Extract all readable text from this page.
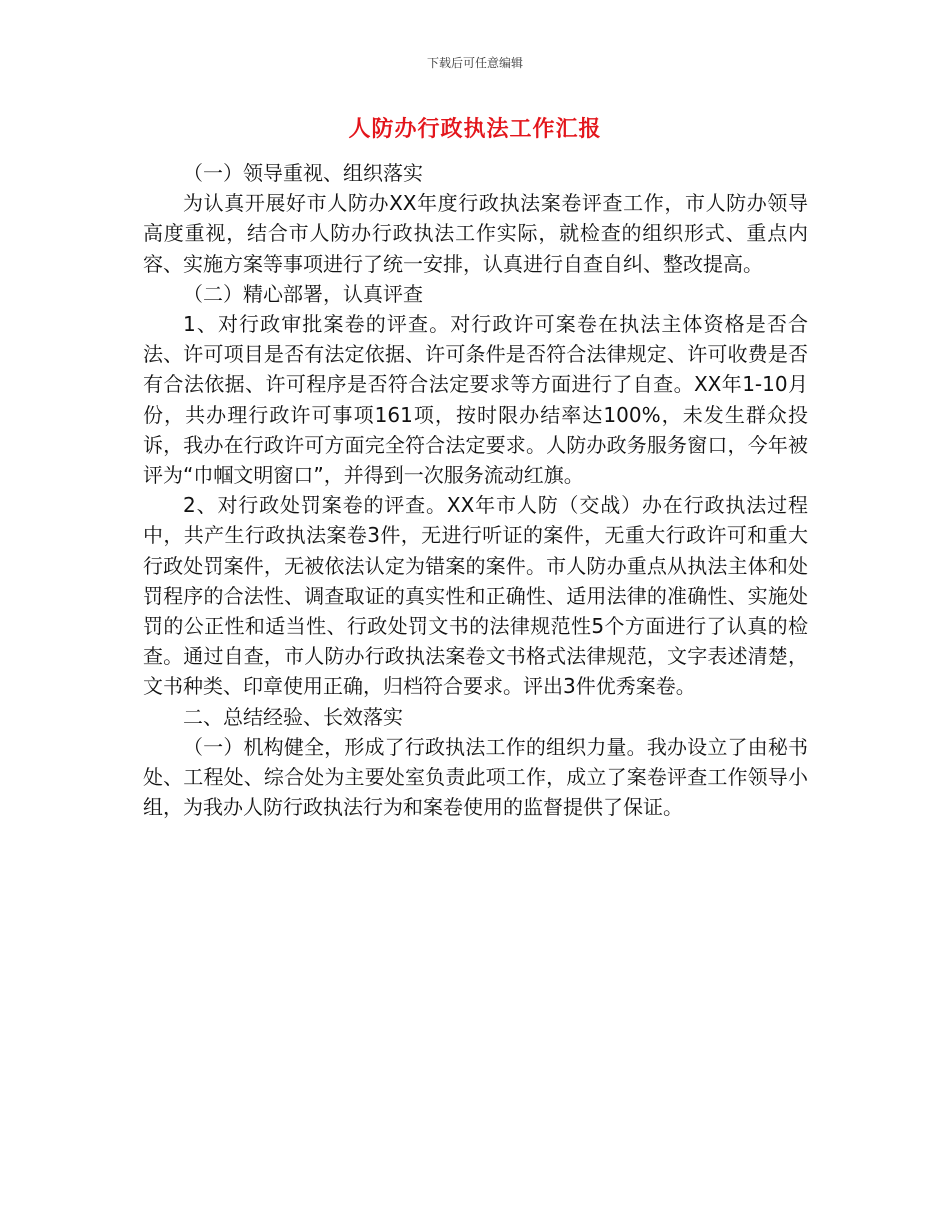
下载后可任意编辑
人防办行政执法工作汇报

（一）领导重视、组织落实

为认真开展好市人防办XX年度行政执法案卷评查工作，市人防办领导高度重视，结合市人防办行政执法工作实际，就检查的组织形式、重点内容、实施方案等事项进行了统一安排，认真进行自查自纠、整改提高。

（二）精心部署，认真评查

1、对行政审批案卷的评查。对行政许可案卷在执法主体资格是否合法、许可项目是否有法定依据、许可条件是否符合法律规定、许可收费是否有合法依据、许可程序是否符合法定要求等方面进行了自查。XX年1-10月份，共办理行政许可事项161项，按时限办结率达100%，未发生群众投诉，我办在行政许可方面完全符合法定要求。人防办政务服务窗口，今年被评为“巾帼文明窗口”，并得到一次服务流动红旗。

2、对行政处罚案卷的评查。XX年市人防（交战）办在行政执法过程中，共产生行政执法案卷3件，无进行听证的案件，无重大行政许可和重大行政处罚案件，无被依法认定为错案的案件。市人防办重点从执法主体和处罚程序的合法性、调查取证的真实性和正确性、适用法律的准确性、实施处罚的公正性和适当性、行政处罚文书的法律规范性5个方面进行了认真的检查。通过自查，市人防办行政执法案卷文书格式法律规范，文字表述清楚，文书种类、印章使用正确，归档符合要求。评出3件优秀案卷。

二、总结经验、长效落实

（一）机构健全，形成了行政执法工作的组织力量。我办设立了由秘书处、工程处、综合处为主要处室负责此项工作，成立了案卷评查工作领导小组，为我办人防行政执法行为和案卷使用的监督提供了保证。
